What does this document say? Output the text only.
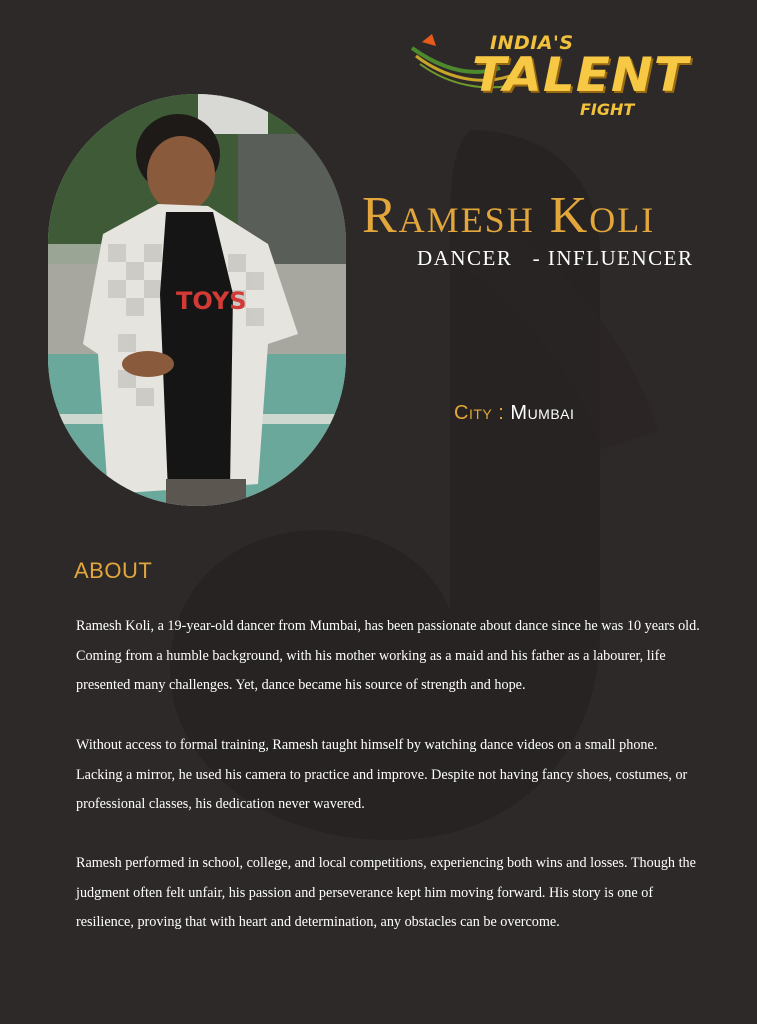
INDIA'S
TALENT
FIGHT
TOYS
Ramesh Koli
DANCER   - INFLUENCER
City : Mumbai
ABOUT

Ramesh Koli, a 19-year-old dancer from Mumbai, has been passionate about dance since he was 10 years old. Coming from a humble background, with his mother working as a maid and his father as a labourer, life presented many challenges. Yet, dance became his source of strength and hope.

Without access to formal training, Ramesh taught himself by watching dance videos on a small phone. Lacking a mirror, he used his camera to practice and improve. Despite not having fancy shoes, costumes, or professional classes, his dedication never wavered.

Ramesh performed in school, college, and local competitions, experiencing both wins and losses. Though the judgment often felt unfair, his passion and perseverance kept him moving forward. His story is one of resilience, proving that with heart and determination, any obstacles can be overcome.
